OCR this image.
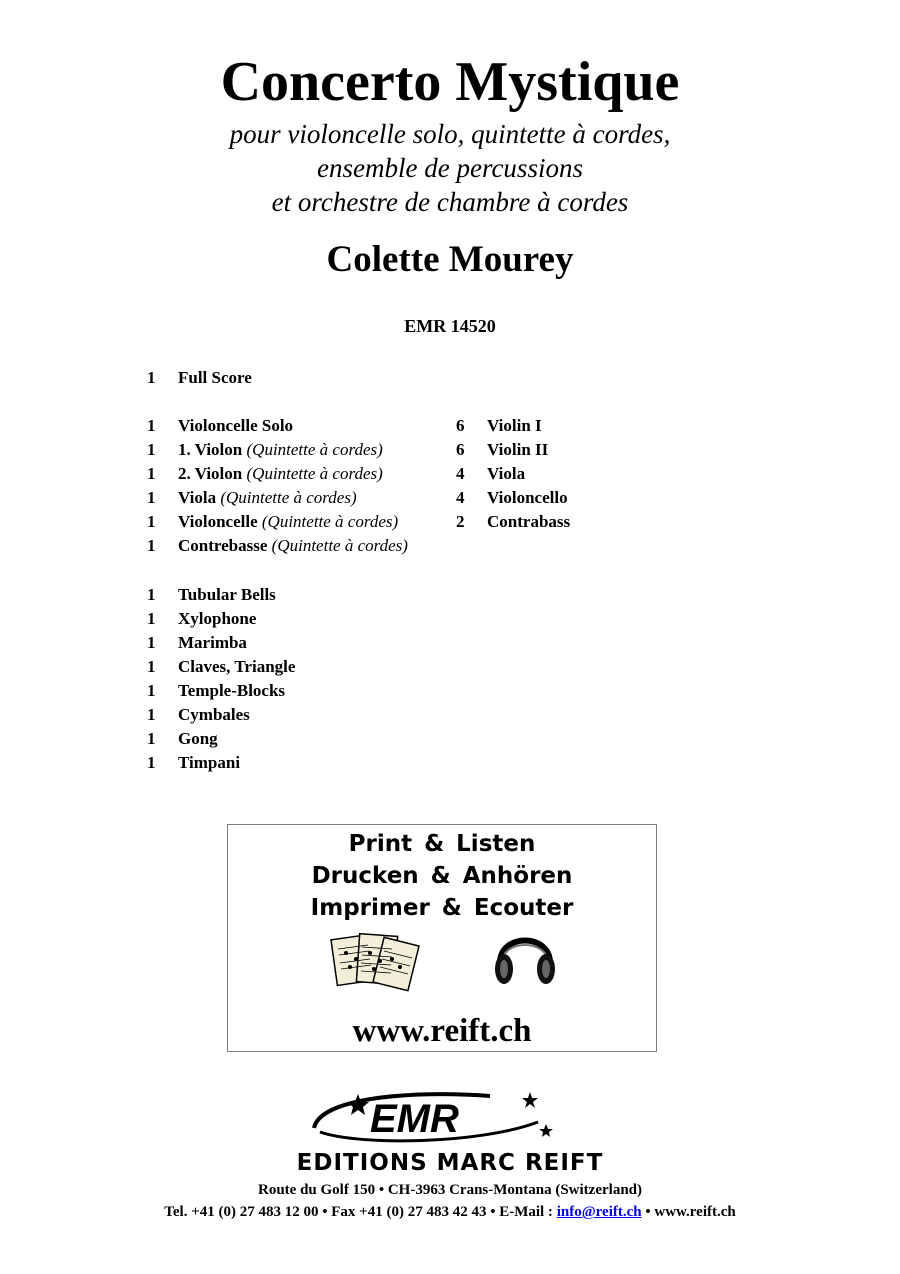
Concerto Mystique
pour violoncelle solo, quintette à cordes,
ensemble de percussions
et orchestre de chambre à cordes
Colette Mourey
EMR 14520
1 Full Score
1 Violoncelle Solo
1 1. Violon (Quintette à cordes)
1 2. Violon (Quintette à cordes)
1 Viola (Quintette à cordes)
1 Violoncelle (Quintette à cordes)
1 Contrebasse (Quintette à cordes)
6 Violin I
6 Violin II
4 Viola
4 Violoncello
2 Contrabass
1 Tubular Bells
1 Xylophone
1 Marimba
1 Claves, Triangle
1 Temple-Blocks
1 Cymbales
1 Gong
1 Timpani
Print & Listen
Drucken & Anhören
Imprimer & Ecouter
www.reift.ch
EMR
EDITIONS MARC REIFT
Route du Golf 150 • CH-3963 Crans-Montana (Switzerland)
Tel. +41 (0) 27 483 12 00 • Fax +41 (0) 27 483 42 43 • E-Mail : info@reift.ch • www.reift.ch
